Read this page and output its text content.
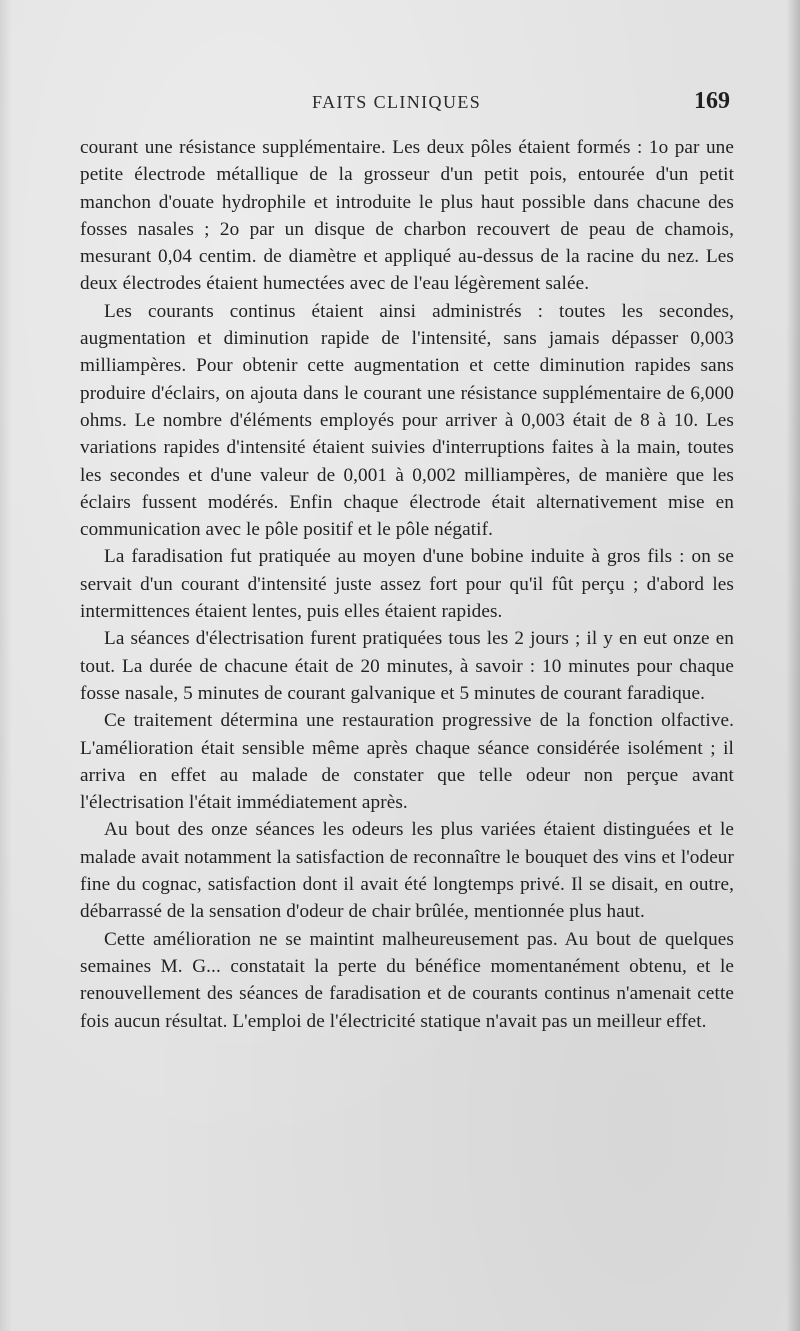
FAITS CLINIQUES	169

courant une résistance supplémentaire. Les deux pôles étaient formés : 1o par une petite électrode métallique de la grosseur d'un petit pois, entourée d'un petit manchon d'ouate hydrophile et introduite le plus haut possible dans chacune des fosses nasales ; 2o par un disque de charbon recouvert de peau de chamois, mesurant 0,04 centim. de diamètre et appliqué au-dessus de la racine du nez. Les deux électrodes étaient humectées avec de l'eau légèrement salée.

Les courants continus étaient ainsi administrés : toutes les secondes, augmentation et diminution rapide de l'intensité, sans jamais dépasser 0,003 milliampères. Pour obtenir cette augmentation et cette diminution rapides sans produire d'éclairs, on ajouta dans le courant une résistance supplémentaire de 6,000 ohms. Le nombre d'éléments employés pour arriver à 0,003 était de 8 à 10. Les variations rapides d'intensité étaient suivies d'interruptions faites à la main, toutes les secondes et d'une valeur de 0,001 à 0,002 milliampères, de manière que les éclairs fussent modérés. Enfin chaque électrode était alternativement mise en communication avec le pôle positif et le pôle négatif.

La faradisation fut pratiquée au moyen d'une bobine induite à gros fils : on se servait d'un courant d'intensité juste assez fort pour qu'il fût perçu ; d'abord les intermittences étaient lentes, puis elles étaient rapides.

La séances d'électrisation furent pratiquées tous les 2 jours ; il y en eut onze en tout. La durée de chacune était de 20 minutes, à savoir : 10 minutes pour chaque fosse nasale, 5 minutes de courant galvanique et 5 minutes de courant faradique.

Ce traitement détermina une restauration progressive de la fonction olfactive. L'amélioration était sensible même après chaque séance considérée isolément ; il arriva en effet au malade de constater que telle odeur non perçue avant l'électrisation l'était immédiatement après.

Au bout des onze séances les odeurs les plus variées étaient distinguées et le malade avait notamment la satisfaction de reconnaître le bouquet des vins et l'odeur fine du cognac, satisfaction dont il avait été longtemps privé. Il se disait, en outre, débarrassé de la sensation d'odeur de chair brûlée, mentionnée plus haut.

Cette amélioration ne se maintint malheureusement pas. Au bout de quelques semaines M. G... constatait la perte du bénéfice momentanément obtenu, et le renouvellement des séances de faradisation et de courants continus n'amenait cette fois aucun résultat. L'emploi de l'électricité statique n'avait pas un meilleur effet.
